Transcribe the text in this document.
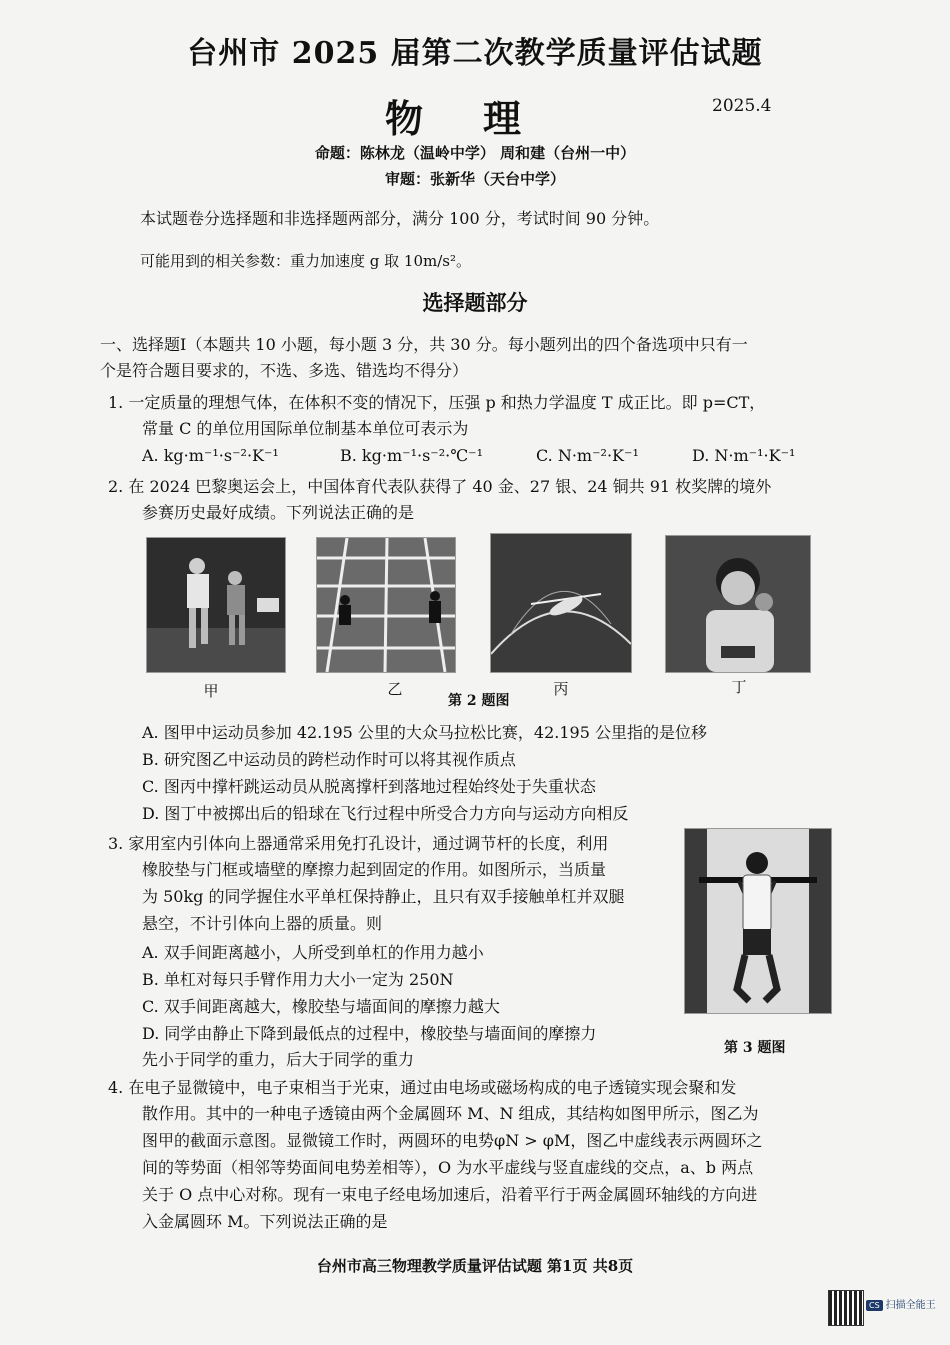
台州市 2025 届第二次教学质量评估试题
物理	2025.4
命题：陈林龙（温岭中学） 周和建（台州一中）
审题：张新华（天台中学）
本试题卷分选择题和非选择题两部分，满分 100 分，考试时间 90 分钟。
可能用到的相关参数：重力加速度 g 取 10m/s²。
选择题部分
一、选择题Ⅰ（本题共 10 小题，每小题 3 分，共 30 分。每小题列出的四个备选项中只有一
个是符合题目要求的，不选、多选、错选均不得分）
1. 一定质量的理想气体，在体积不变的情况下，压强 p 和热力学温度 T 成正比。即 p=CT，
常量 C 的单位用国际单位制基本单位可表示为
A. kg·m⁻¹·s⁻²·K⁻¹	B. kg·m⁻¹·s⁻²·℃⁻¹	C. N·m⁻²·K⁻¹	D. N·m⁻¹·K⁻¹
2. 在 2024 巴黎奥运会上，中国体育代表队获得了 40 金、27 银、24 铜共 91 枚奖牌的境外
参赛历史最好成绩。下列说法正确的是
甲	乙	丙	丁
第 2 题图
A. 图甲中运动员参加 42.195 公里的大众马拉松比赛，42.195 公里指的是位移
B. 研究图乙中运动员的跨栏动作时可以将其视作质点
C. 图丙中撑杆跳运动员从脱离撑杆到落地过程始终处于失重状态
D. 图丁中被掷出后的铅球在飞行过程中所受合力方向与运动方向相反
3. 家用室内引体向上器通常采用免打孔设计，通过调节杆的长度，利用
橡胶垫与门框或墙壁的摩擦力起到固定的作用。如图所示，当质量
为 50kg 的同学握住水平单杠保持静止，且只有双手接触单杠并双腿
悬空，不计引体向上器的质量。则
A. 双手间距离越小，人所受到单杠的作用力越小
B. 单杠对每只手臂作用力大小一定为 250N
C. 双手间距离越大，橡胶垫与墙面间的摩擦力越大
D. 同学由静止下降到最低点的过程中，橡胶垫与墙面间的摩擦力
先小于同学的重力，后大于同学的重力
第 3 题图
4. 在电子显微镜中，电子束相当于光束，通过由电场或磁场构成的电子透镜实现会聚和发
散作用。其中的一种电子透镜由两个金属圆环 M、N 组成，其结构如图甲所示，图乙为
图甲的截面示意图。显微镜工作时，两圆环的电势φN > φM，图乙中虚线表示两圆环之
间的等势面（相邻等势面间电势差相等），O 为水平虚线与竖直虚线的交点，a、b 两点
关于 O 点中心对称。现有一束电子经电场加速后，沿着平行于两金属圆环轴线的方向进
入金属圆环 M。下列说法正确的是
台州市高三物理教学质量评估试题 第1页 共8页
CS 扫描全能王
